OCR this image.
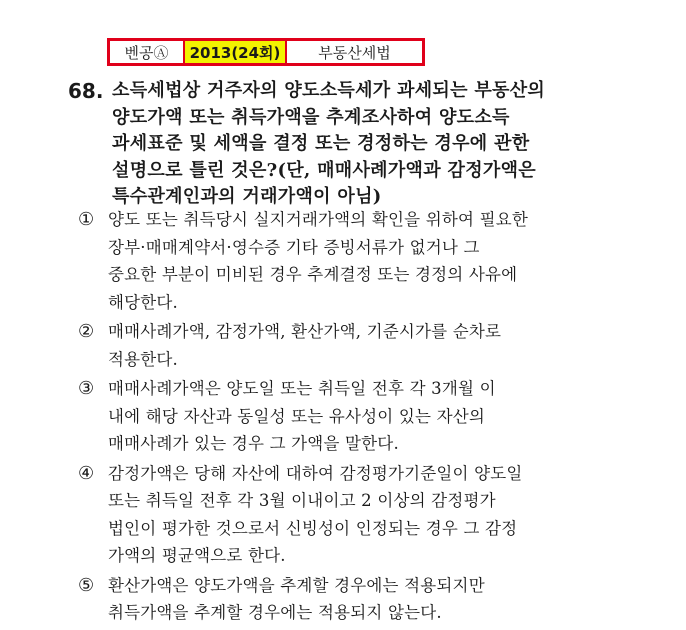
벤공Ⓐ	2013(24회)	부동산세법
68. 소득세법상 거주자의 양도소득세가 과세되는 부동산의
양도가액 또는 취득가액을 추계조사하여 양도소득
과세표준 및 세액을 결정 또는 경정하는 경우에 관한
설명으로 틀린 것은?(단, 매매사례가액과 감정가액은
특수관계인과의 거래가액이 아님)
① 양도 또는 취득당시 실지거래가액의 확인을 위하여 필요한
장부·매매계약서·영수증 기타 증빙서류가 없거나 그
중요한 부분이 미비된 경우 추계결정 또는 경정의 사유에
해당한다.
② 매매사례가액, 감정가액, 환산가액, 기준시가를 순차로
적용한다.
③ 매매사례가액은 양도일 또는 취득일 전후 각 3개월 이
내에 해당 자산과 동일성 또는 유사성이 있는 자산의
매매사례가 있는 경우 그 가액을 말한다.
④ 감정가액은 당해 자산에 대하여 감정평가기준일이 양도일
또는 취득일 전후 각 3월 이내이고 2 이상의 감정평가
법인이 평가한 것으로서 신빙성이 인정되는 경우 그 감정
가액의 평균액으로 한다.
⑤ 환산가액은 양도가액을 추계할 경우에는 적용되지만
취득가액을 추계할 경우에는 적용되지 않는다.
